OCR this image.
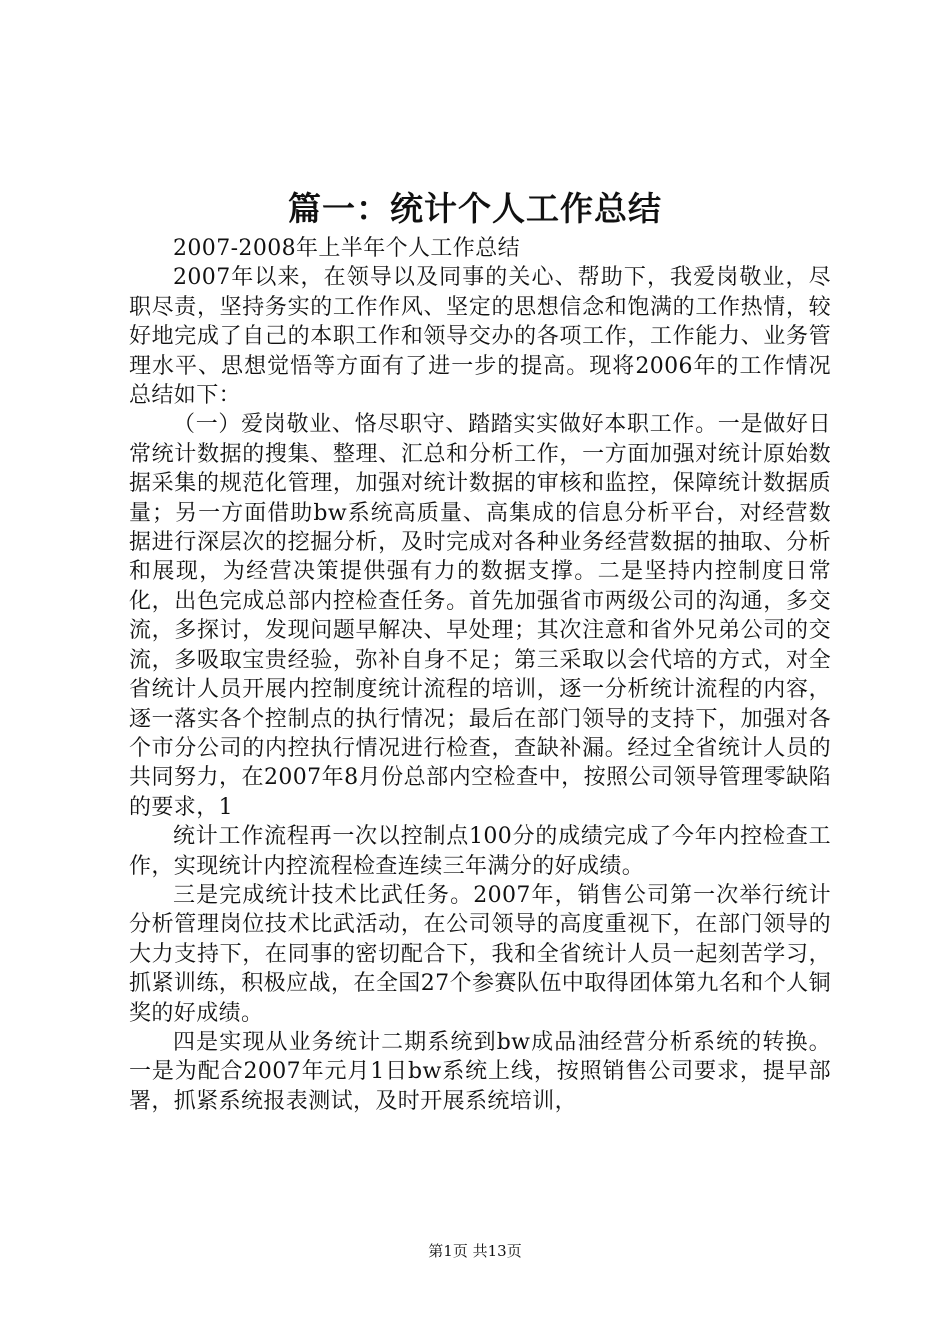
篇一：统计个人工作总结

2007-2008年上半年个人工作总结

2007年以来，在领导以及同事的关心、帮助下，我爱岗敬业，尽职尽责，坚持务实的工作作风、坚定的思想信念和饱满的工作热情，较好地完成了自己的本职工作和领导交办的各项工作，工作能力、业务管理水平、思想觉悟等方面有了进一步的提高。现将2006年的工作情况总结如下：

（一）爱岗敬业、恪尽职守、踏踏实实做好本职工作。一是做好日常统计数据的搜集、整理、汇总和分析工作，一方面加强对统计原始数据采集的规范化管理，加强对统计数据的审核和监控，保障统计数据质量；另一方面借助bw系统高质量、高集成的信息分析平台，对经营数据进行深层次的挖掘分析，及时完成对各种业务经营数据的抽取、分析和展现，为经营决策提供强有力的数据支撑。二是坚持内控制度日常化，出色完成总部内控检查任务。首先加强省市两级公司的沟通，多交流，多探讨，发现问题早解决、早处理；其次注意和省外兄弟公司的交流，多吸取宝贵经验，弥补自身不足；第三采取以会代培的方式，对全省统计人员开展内控制度统计流程的培训，逐一分析统计流程的内容，逐一落实各个控制点的执行情况；最后在部门领导的支持下，加强对各个市分公司的内控执行情况进行检查，查缺补漏。经过全省统计人员的共同努力，在2007年8月份总部内空检查中，按照公司领导管理零缺陷的要求，1

统计工作流程再一次以控制点100分的成绩完成了今年内控检查工作，实现统计内控流程检查连续三年满分的好成绩。

三是完成统计技术比武任务。2007年，销售公司第一次举行统计分析管理岗位技术比武活动，在公司领导的高度重视下，在部门领导的大力支持下，在同事的密切配合下，我和全省统计人员一起刻苦学习，抓紧训练，积极应战，在全国27个参赛队伍中取得团体第九名和个人铜奖的好成绩。

四是实现从业务统计二期系统到bw成品油经营分析系统的转换。一是为配合2007年元月1日bw系统上线，按照销售公司要求，提早部署，抓紧系统报表测试，及时开展系统培训，

第1页 共13页
